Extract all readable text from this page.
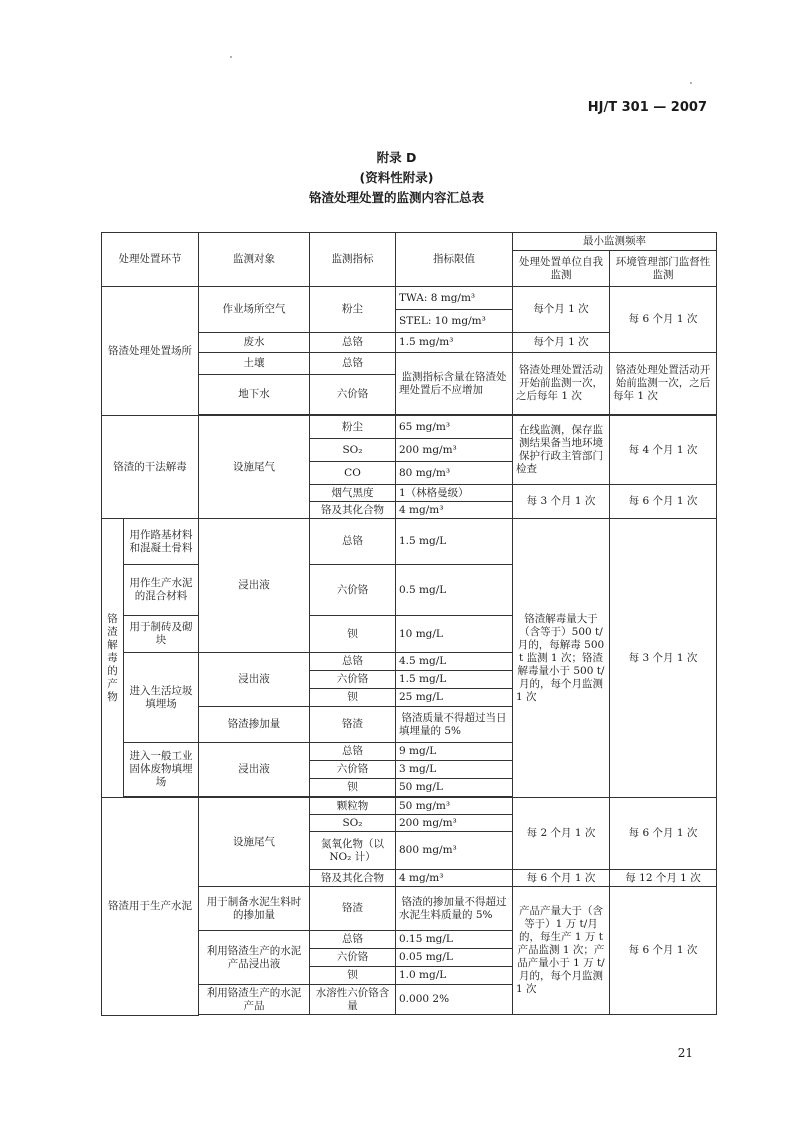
HJ/T 301 — 2007
附录 D
(资料性附录)
铬渣处理处置的监测内容汇总表
处理处置环节		监测对象	监测指标	指标限值	最小监测频率	
					处理处置单位自我监测	环境管理部门监督性监测
铬渣处理处置场所		作业场所空气	粉尘	TWA: 8 mg/m³	每个月 1 次	每 6 个月 1 次
				STEL: 10 mg/m³		
		废水	总铬	1.5 mg/m³	每个月 1 次	
		土壤	总铬	监测指标含量在铬渣处理处置后不应增加	铬渣处理处置活动开始前监测一次，之后每年 1 次	铬渣处理处置活动开始前监测一次，之后每年 1 次
		地下水	六价铬			

铬渣的干法解毒		设施尾气	粉尘	65 mg/m³	在线监测，保存监测结果备当地环境保护行政主管部门检查	每 4 个月 1 次
			SO₂	200 mg/m³		
			CO	80 mg/m³		
			烟气黑度	1（林格曼级）	每 3 个月 1 次	每 6 个月 1 次
			铬及其化合物	4 mg/m³		
铬渣解毒的产物	用作路基材料和混凝土骨料	浸出液	总铬	1.5 mg/L	铬渣解毒量大于（含等于）500 t/月的，每解毒 500 t 监测 1 次；铬渣解毒量小于 500 t/月的，每个月监测 1 次	每 3 个月 1 次
	用作生产水泥的混合材料		六价铬	0.5 mg/L		
	用于制砖及砌块		钡	10 mg/L		
	进入生活垃圾填埋场	浸出液	总铬	4.5 mg/L		
			六价铬	1.5 mg/L		
			钡	25 mg/L		
		铬渣掺加量	铬渣	铬渣质量不得超过当日填埋量的 5%		
	进入一般工业固体废物填埋场	浸出液	总铬	9 mg/L		
			六价铬	3 mg/L		
			钡	50 mg/L		

铬渣用于生产水泥		设施尾气	颗粒物	50 mg/m³	每 2 个月 1 次	每 6 个月 1 次
			SO₂	200 mg/m³		
			氮氧化物（以 NO₂ 计）	800 mg/m³		
			铬及其化合物	4 mg/m³	每 6 个月 1 次	每 12 个月 1 次
		用于制备水泥生料时的掺加量	铬渣	铬渣的掺加量不得超过水泥生料质量的 5%	产品产量大于（含等于）1 万 t/月的，每生产 1 万 t 产品监测 1 次；产品产量小于 1 万 t/月的，每个月监测 1 次	每 6 个月 1 次
		利用铬渣生产的水泥产品浸出液	总铬	0.15 mg/L		
			六价铬	0.05 mg/L		
			钡	1.0 mg/L		
		利用铬渣生产的水泥产品	水溶性六价铬含量	0.000 2%		

21
